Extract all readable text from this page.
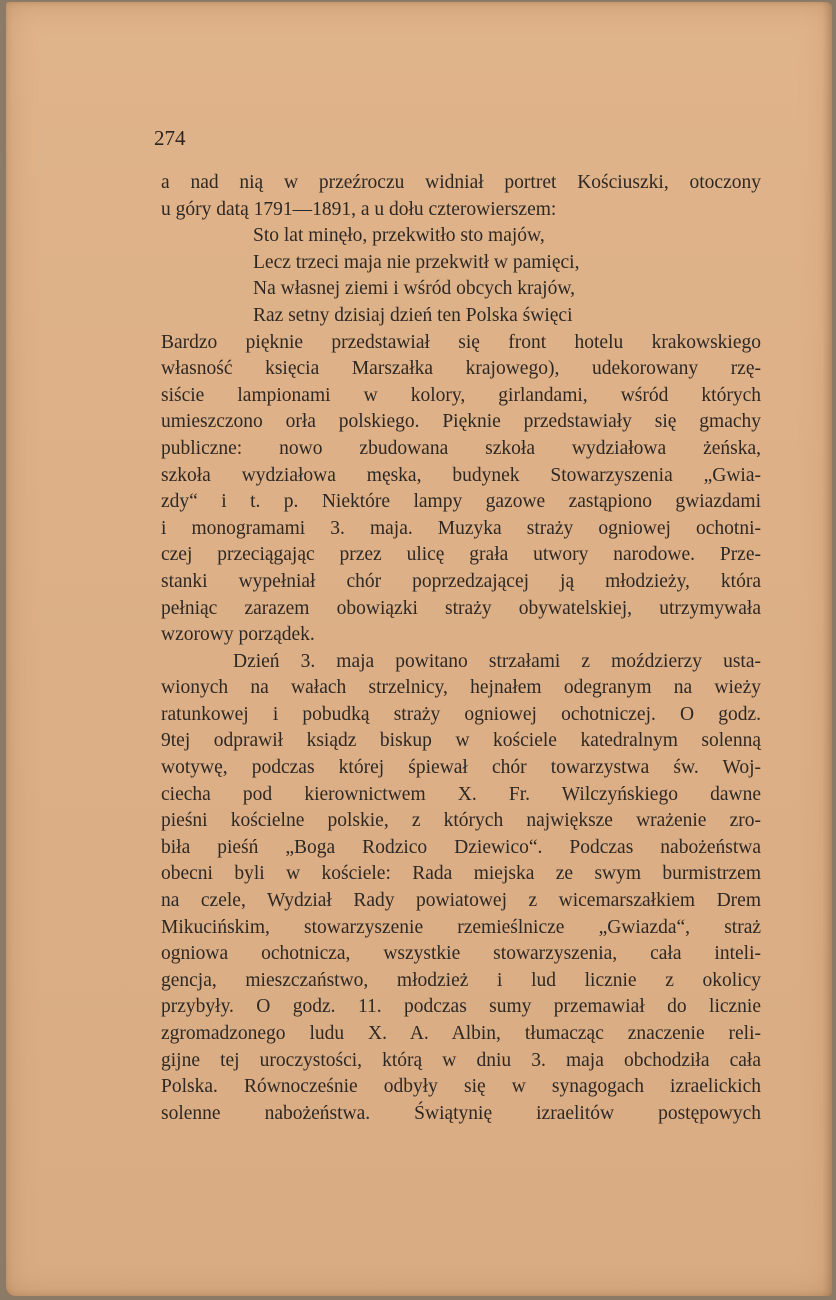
274
a nad nią w przeźroczu widniał portret Kościuszki, otoczony
u góry datą 1791—1891, a u dołu czterowierszem:
Sto lat minęło, przekwitło sto majów,
Lecz trzeci maja nie przekwitł w pamięci,
Na własnej ziemi i wśród obcych krajów,
Raz setny dzisiaj dzień ten Polska święci
Bardzo pięknie przedstawiał się front hotelu krakowskiego
własność księcia Marszałka krajowego), udekorowany rzę-
siście lampionami w kolory, girlandami, wśród których
umieszczono orła polskiego. Pięknie przedstawiały się gmachy
publiczne: nowo zbudowana szkoła wydziałowa żeńska,
szkoła wydziałowa męska, budynek Stowarzyszenia „Gwia-
zdy“ i t. p. Niektóre lampy gazowe zastąpiono gwiazdami
i monogramami 3. maja. Muzyka straży ogniowej ochotni-
czej przeciągając przez ulicę grała utwory narodowe. Prze-
stanki wypełniał chór poprzedzającej ją młodzieży, która
pełniąc zarazem obowiązki straży obywatelskiej, utrzymywała
wzorowy porządek.
Dzień 3. maja powitano strzałami z moździerzy usta-
wionych na wałach strzelnicy, hejnałem odegranym na wieży
ratunkowej i pobudką straży ogniowej ochotniczej. O godz.
9tej odprawił ksiądz biskup w kościele katedralnym solenną
wotywę, podczas której śpiewał chór towarzystwa św. Woj-
ciecha pod kierownictwem X. Fr. Wilczyńskiego dawne
pieśni kościelne polskie, z których największe wrażenie zro-
biła pieśń „Boga Rodzico Dziewico“. Podczas nabożeństwa
obecni byli w kościele: Rada miejska ze swym burmistrzem
na czele, Wydział Rady powiatowej z wicemarszałkiem Drem
Mikucińskim, stowarzyszenie rzemieślnicze „Gwiazda“, straż
ogniowa ochotnicza, wszystkie stowarzyszenia, cała inteli-
gencja, mieszczaństwo, młodzież i lud licznie z okolicy
przybyły. O godz. 11. podczas sumy przemawiał do licznie
zgromadzonego ludu X. A. Albin, tłumacząc znaczenie reli-
gijne tej uroczystości, którą w dniu 3. maja obchodziła cała
Polska. Równocześnie odbyły się w synagogach izraelickich
solenne nabożeństwa. Świątynię izraelitów postępowych
